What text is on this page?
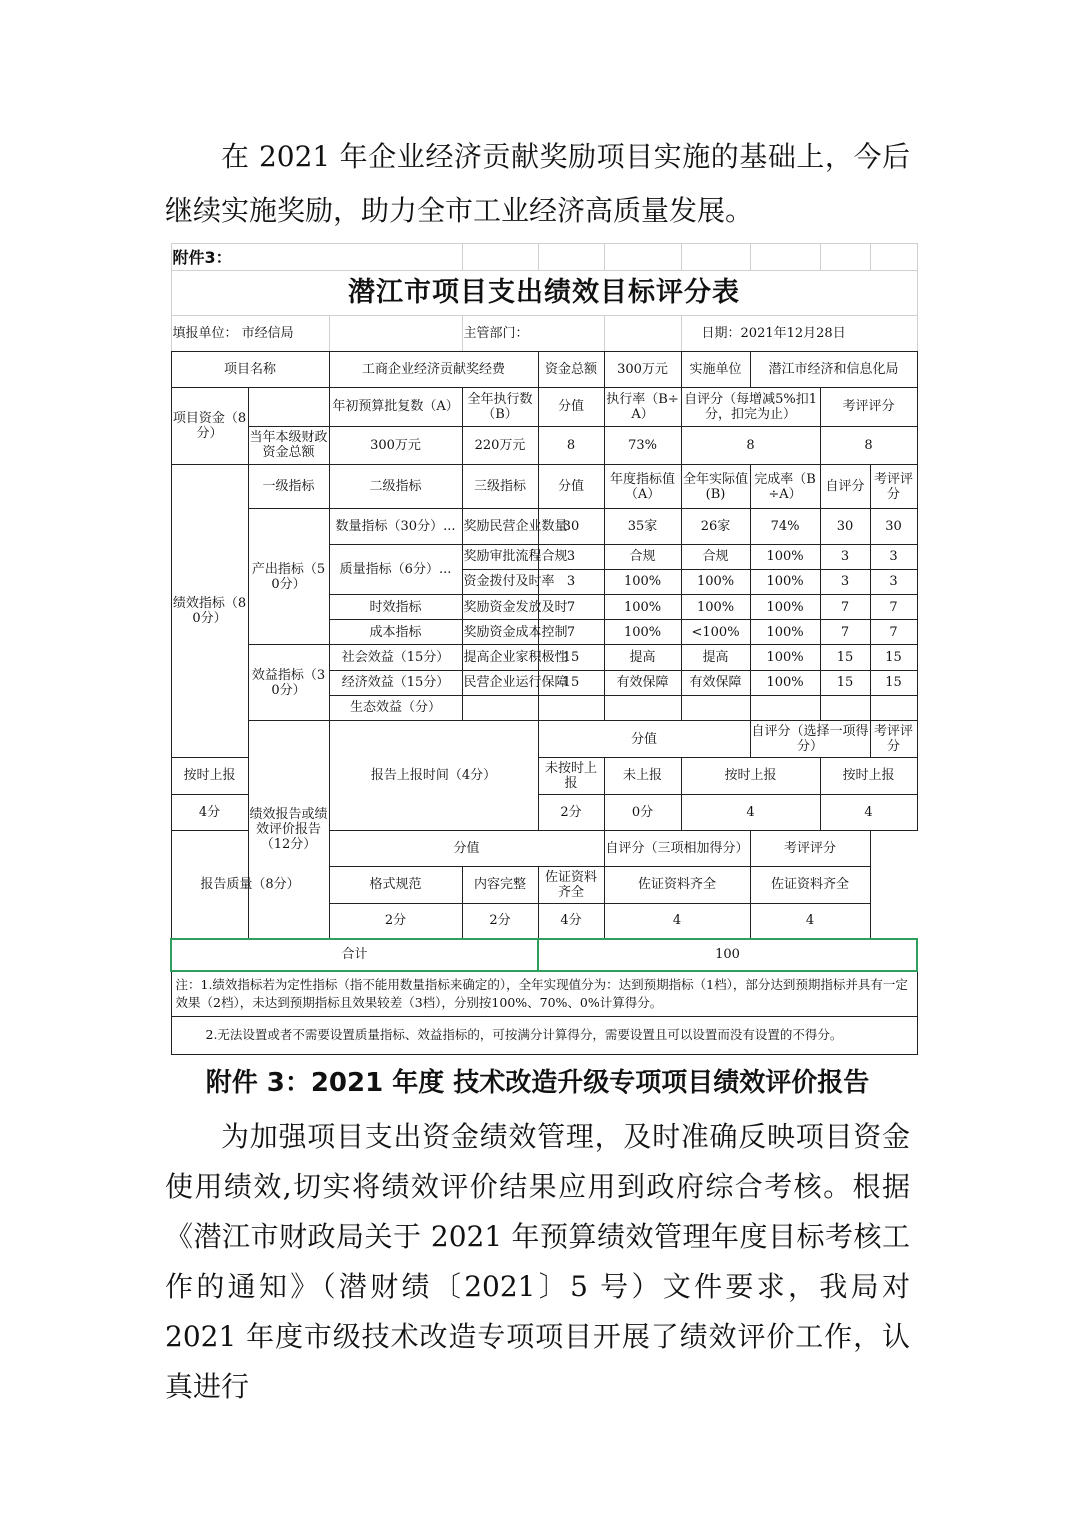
在 2021 年企业经济贡献奖励项目实施的基础上，今后继续实施奖励，助力全市工业经济高质量发展。

附件3：										
潜江市项目支出绩效目标评分表										
填报单位： 市经信局			主管部门：			日期：2021年12月28日				
项目名称		工商企业经济贡献奖经费		资金总额	300万元	实施单位	潜江市经济和信息化局			
项目资金（8分）		年初预算批复数（A）	全年执行数（B）	分值	执行率（B÷A）	自评分（每增减5%扣1分，扣完为止）		考评评分		
	当年本级财政资金总额	300万元	220万元	8	73%	8		8		
绩效指标（80分）	一级指标	二级指标	三级指标	分值	年度指标值（A）	全年实际值(B)	完成率（B÷A）	自评分	考评评分	
	产出指标（50分）	数量指标（30分）...	奖励民营企业数量	30	35家	26家	74%	30	30	
		质量指标（6分）...	奖励审批流程合规	3	合规	合规	100%	3	3	
			资金拨付及时率	3	100%	100%	100%	3	3	
		时效指标	奖励资金发放及时	7	100%	100%	100%	7	7	
		成本指标	奖励资金成本控制	7	100%	<100%	100%	7	7	
	效益指标（30分）	社会效益（15分）	提高企业家积极性	15	提高	提高	100%	15	15	
		经济效益（15分）	民营企业运行保障	15	有效保障	有效保障	100%	15	15	
		生态效益（分）								
	绩效报告或绩效评价报告（12分）	报告上报时间（4分）		分值			自评分（选择一项得分）		考评评分	
按时上报				未按时上报	未上报	按时上报		按时上报		
4分				2分	0分	4		4		
报告质量（8分）		分值			自评分（三项相加得分）		考评评分			
		格式规范	内容完整	佐证资料齐全	佐证资料齐全		佐证资料齐全			
		2分	2分	4分	4		4			
合计				100						
注：1.绩效指标若为定性指标（指不能用数量指标来确定的），全年实现值分为：达到预期指标（1档），部分达到预期指标并具有一定效果（2档），未达到预期指标且效果较差（3档），分别按100%、70%、0%计算得分。										
2.无法设置或者不需要设置质量指标、效益指标的，可按满分计算得分，需要设置且可以设置而没有设置的不得分。										

附件 3：2021 年度 技术改造升级专项项目绩效评价报告

为加强项目支出资金绩效管理，及时准确反映项目资金使用绩效,切实将绩效评价结果应用到政府综合考核。根据《潜江市财政局关于 2021 年预算绩效管理年度目标考核工作的通知》（潜财绩〔2021〕5 号）文件要求，我局对 2021 年度市级技术改造专项项目开展了绩效评价工作，认真进行
